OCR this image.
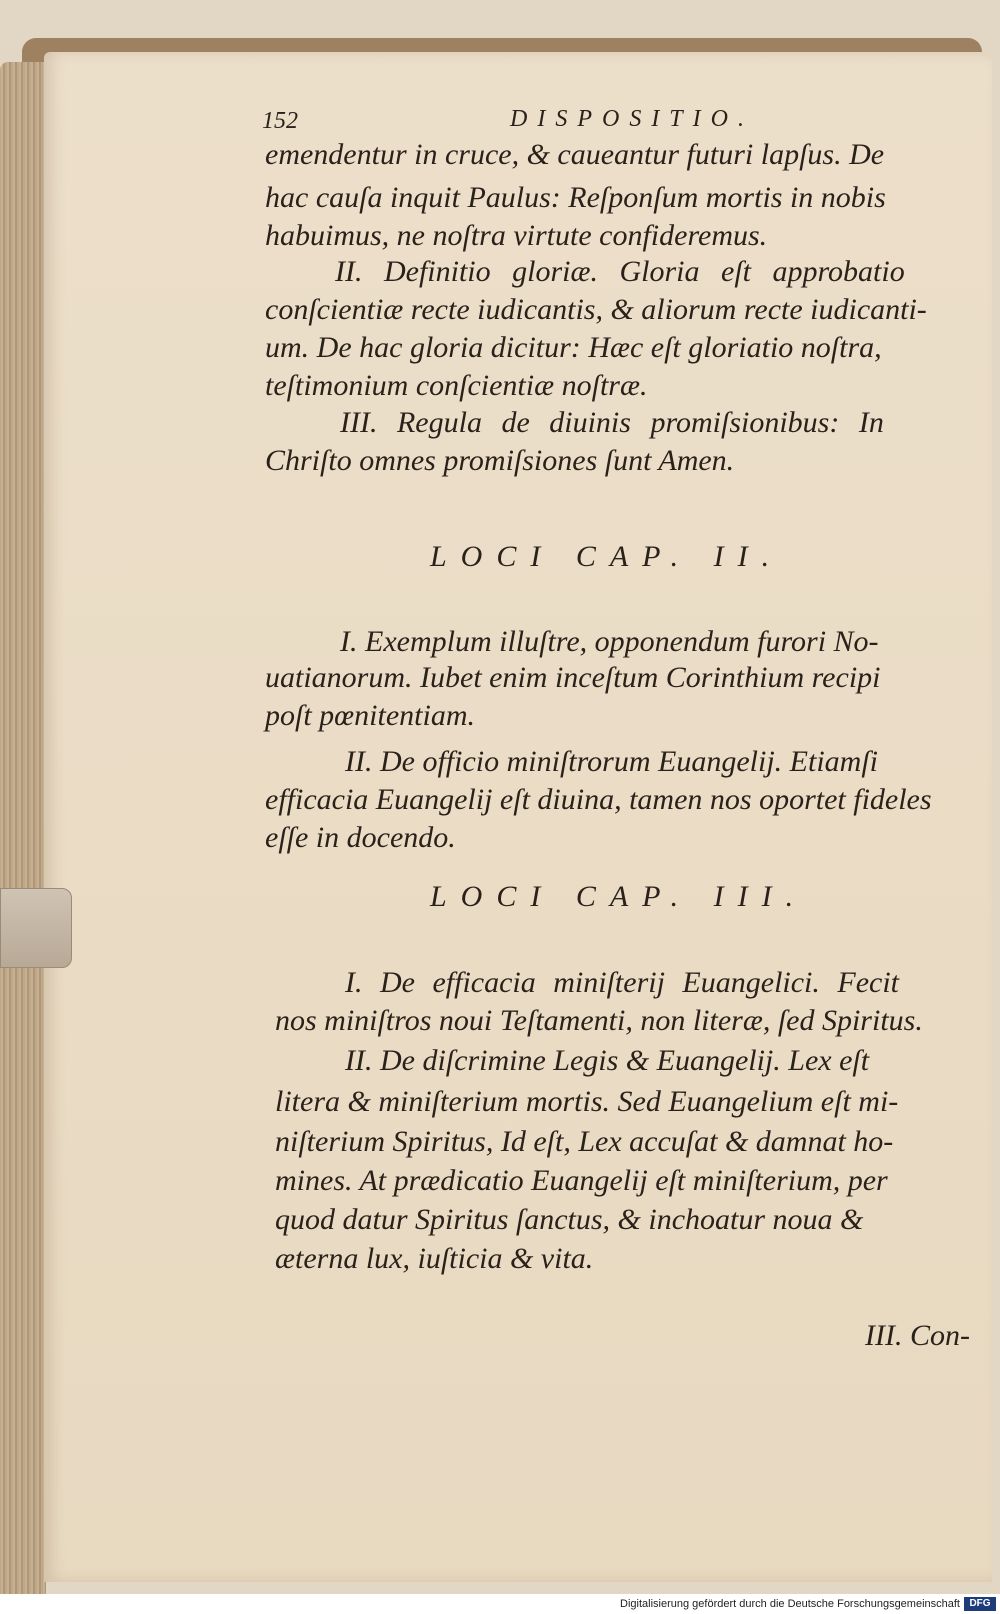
152	DISPOSITIO.
emendentur in cruce, & caueantur futuri lapſus. De
hac cauſa inquit Paulus: Reſponſum mortis in nobis
habuimus, ne noſtra virtute confideremus.
II. Definitio gloriæ. Gloria eſt approbatio
conſcientiæ recte iudicantis, & aliorum recte iudicanti-
um. De hac gloria dicitur: Hæc eſt gloriatio noſtra,
teſtimonium conſcientiæ noſtræ.
III. Regula de diuinis promiſsionibus: In
Chriſto omnes promiſsiones ſunt Amen.
LOCI CAP. II.
I. Exemplum illuſtre, opponendum furori No-
uatianorum. Iubet enim inceſtum Corinthium recipi
poſt pœnitentiam.
II. De officio miniſtrorum Euangelij. Etiamſi
efficacia Euangelij eſt diuina, tamen nos oportet fideles
eſſe in docendo.
LOCI CAP. III.
I. De efficacia miniſterij Euangelici. Fecit
nos miniſtros noui Teſtamenti, non literæ, ſed Spiritus.
II. De diſcrimine Legis & Euangelij. Lex eſt
litera & miniſterium mortis. Sed Euangelium eſt mi-
niſterium Spiritus, Id eſt, Lex accuſat & damnat ho-
mines. At prædicatio Euangelij eſt miniſterium, per
quod datur Spiritus ſanctus, & inchoatur noua &
æterna lux, iuſticia & vita.
III. Con-
Digitalisierung gefördert durch die Deutsche Forschungsgemeinschaft DFG
